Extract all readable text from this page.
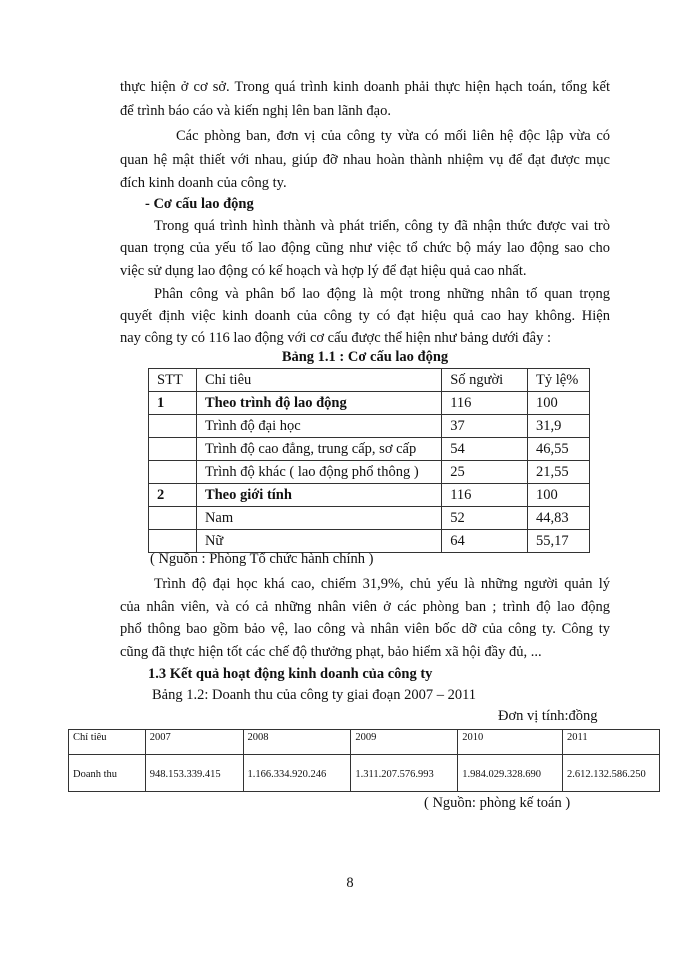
thực hiện ở cơ sở. Trong quá trình kinh doanh phải thực hiện hạch toán, tổng kết
để trình báo cáo và kiến nghị lên ban lãnh đạo.
Các phòng ban, đơn vị của công ty vừa có mối liên hệ độc lập vừa có
quan hệ mật thiết với nhau, giúp đỡ nhau hoàn thành nhiệm vụ để đạt được mục
đích kinh doanh của công ty.
- Cơ cấu lao động
Trong quá trình hình thành và phát triển, công ty đã nhận thức được vai trò
quan trọng của yếu tố lao động cũng như việc tổ chức bộ máy lao động sao cho
việc sử dụng lao động có kế hoạch và hợp lý để đạt hiệu quả cao nhất.
Phân công và phân bổ lao động là một trong những nhân tố quan trọng
quyết định việc kinh doanh của công ty có đạt hiệu quả cao hay không. Hiện
nay công ty có 116 lao động với cơ cấu được thể hiện như bảng dưới đây :
Bảng 1.1 : Cơ cấu lao động
STT	Chỉ tiêu	Số người	Tỷ lệ%
1	Theo trình độ lao động	116	100
	Trình độ đại học	37	31,9
	Trình độ cao đẳng, trung cấp, sơ cấp	54	46,55
	Trình độ khác ( lao động phổ thông )	25	21,55
2	Theo giới tính	116	100
	Nam	52	44,83
	Nữ	64	55,17
( Nguồn : Phòng Tổ chức hành chính )
Trình độ đại học khá cao, chiếm 31,9%, chủ yếu là những người quản lý
của nhân viên, và có cả những nhân viên ở các phòng ban ; trình độ lao động
phổ thông bao gồm bảo vệ, lao công và nhân viên bốc dỡ của công ty. Công ty
cũng đã thực hiện tốt các chế độ thưởng phạt, bảo hiểm xã hội đầy đủ, ...
1.3 Kết quả hoạt động kinh doanh của công ty
Bảng 1.2: Doanh thu của công ty giai đoạn 2007 – 2011
Đơn vị tính:đồng
Chỉ tiêu	2007	2008	2009	2010	2011
Doanh thu	948.153.339.415	1.166.334.920.246	1.311.207.576.993	1.984.029.328.690	2.612.132.586.250
( Nguồn: phòng kế toán )
8
